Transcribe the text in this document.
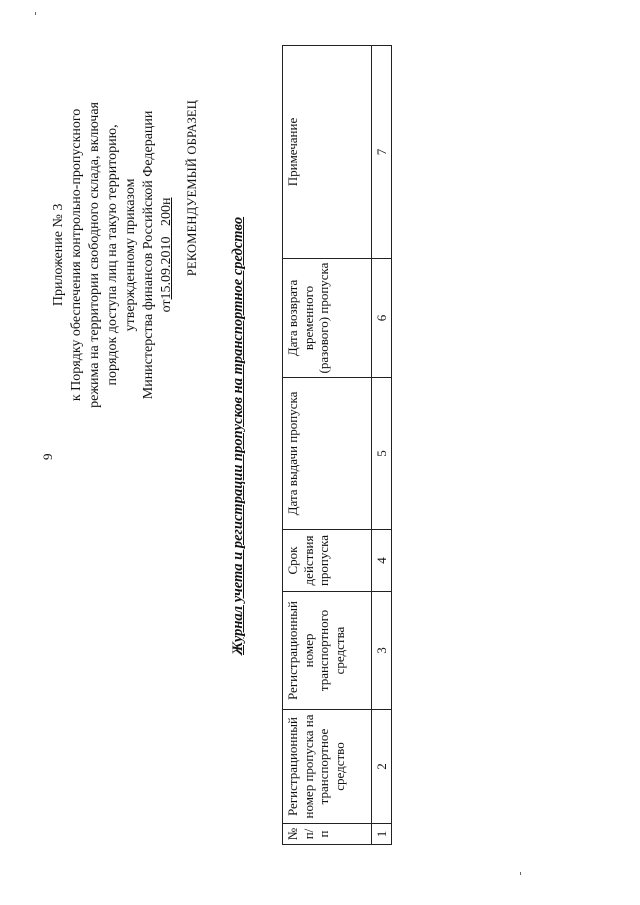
9
Приложение № 3 к Порядку обеспечения контрольно-пропускного режима на территории свободного склада, включая порядок доступа лиц на такую территорию, утвержденному приказом Министерства финансов Российской Федерации от15.09.2010   200н РЕКОМЕНДУЕМЫЙ ОБРАЗЕЦ
Журнал учета и регистрации пропусков на транспортное средство
№ п/п	Регистрационный номер пропуска на транспортное средство	Регистрационный номер транспортного средства	Срок действия пропуска	Дата выдачи пропуска	Дата возврата временного (разового) пропуска	Примечание
1	2	3	4	5	6	7
